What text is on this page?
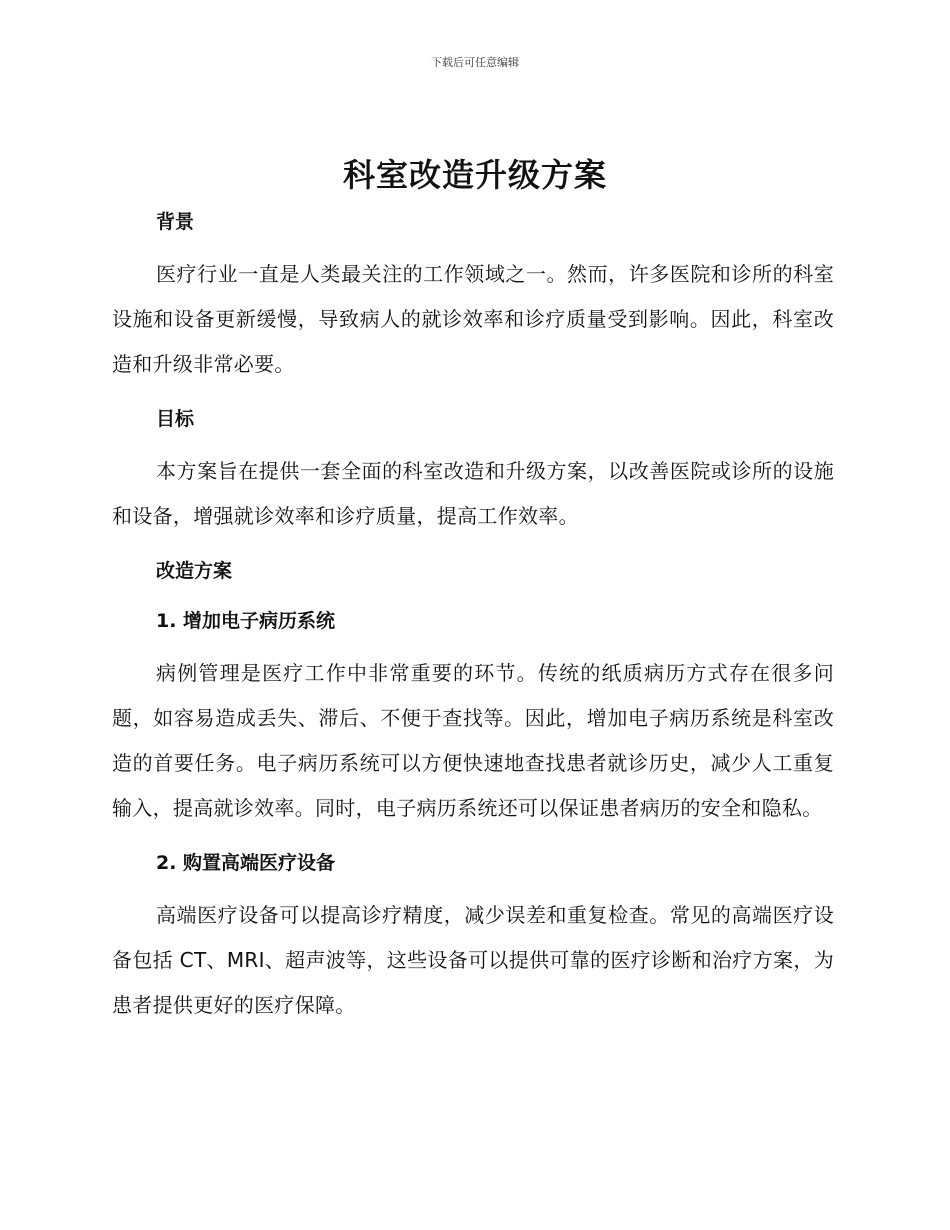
下载后可任意编辑
科室改造升级方案
背景

医疗行业一直是人类最关注的工作领域之一。然而，许多医院和诊所的科室设施和设备更新缓慢，导致病人的就诊效率和诊疗质量受到影响。因此，科室改造和升级非常必要。

目标

本方案旨在提供一套全面的科室改造和升级方案，以改善医院或诊所的设施和设备，增强就诊效率和诊疗质量，提高工作效率。

改造方案
1. 增加电子病历系统

病例管理是医疗工作中非常重要的环节。传统的纸质病历方式存在很多问题，如容易造成丢失、滞后、不便于查找等。因此，增加电子病历系统是科室改造的首要任务。电子病历系统可以方便快速地查找患者就诊历史，减少人工重复输入，提高就诊效率。同时，电子病历系统还可以保证患者病历的安全和隐私。

2. 购置高端医疗设备

高端医疗设备可以提高诊疗精度，减少误差和重复检查。常见的高端医疗设备包括 CT、MRI、超声波等，这些设备可以提供可靠的医疗诊断和治疗方案，为患者提供更好的医疗保障。
